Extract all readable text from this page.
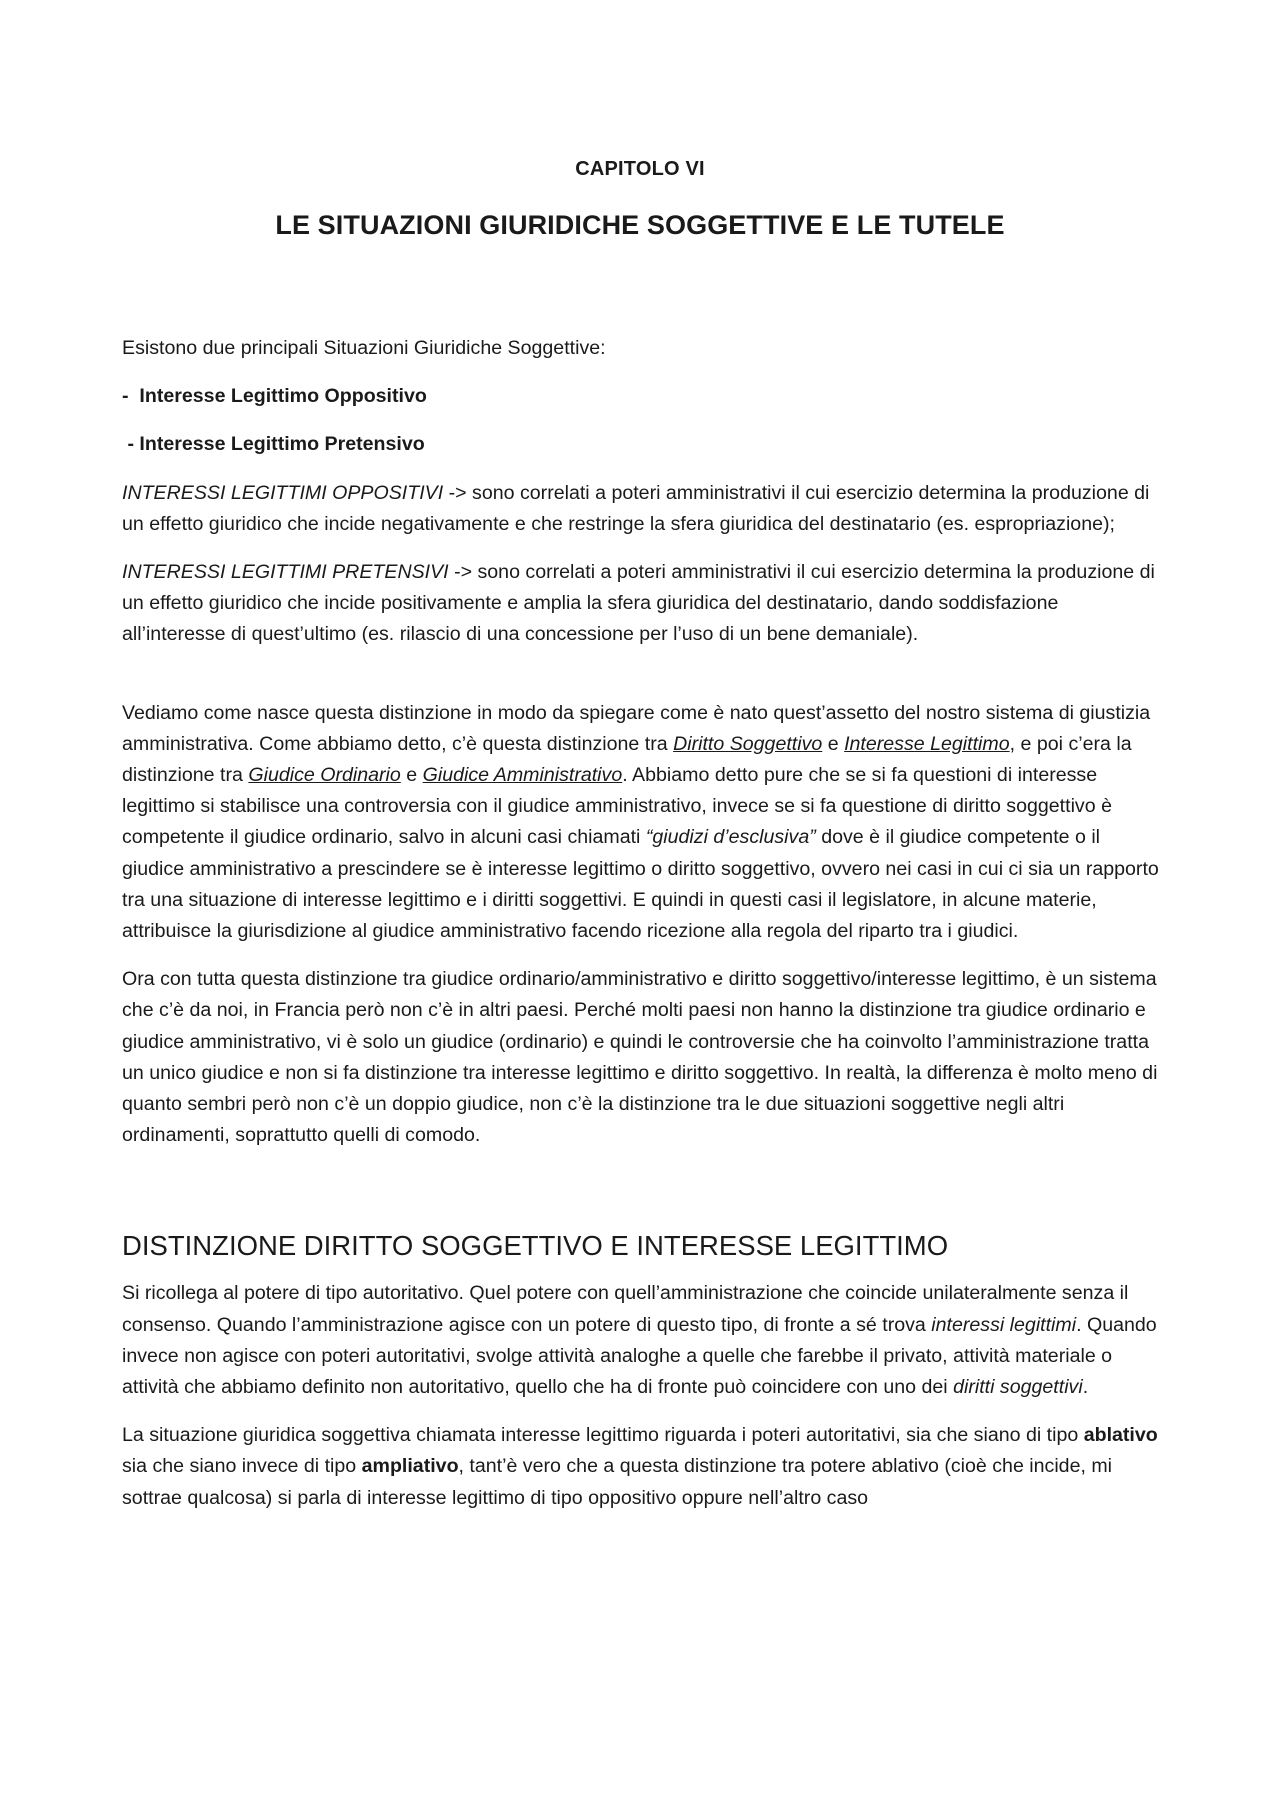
CAPITOLO VI
LE SITUAZIONI GIURIDICHE SOGGETTIVE E LE TUTELE

Esistono due principali Situazioni Giuridiche Soggettive:

-  Interesse Legittimo Oppositivo
- Interesse Legittimo Pretensivo

INTERESSI LEGITTIMI OPPOSITIVI -> sono correlati a poteri amministrativi il cui esercizio determina la produzione di un effetto giuridico che incide negativamente e che restringe la sfera giuridica del destinatario (es. espropriazione);

INTERESSI LEGITTIMI PRETENSIVI -> sono correlati a poteri amministrativi il cui esercizio determina la produzione di un effetto giuridico che incide positivamente e amplia la sfera giuridica del destinatario, dando soddisfazione all’interesse di quest’ultimo (es. rilascio di una concessione per l’uso di un bene demaniale).

Vediamo come nasce questa distinzione in modo da spiegare come è nato quest’assetto del nostro sistema di giustizia amministrativa. Come abbiamo detto, c’è questa distinzione tra Diritto Soggettivo e Interesse Legittimo, e poi c’era la distinzione tra Giudice Ordinario e Giudice Amministrativo. Abbiamo detto pure che se si fa questioni di interesse legittimo si stabilisce una controversia con il giudice amministrativo, invece se si fa questione di diritto soggettivo è competente il giudice ordinario, salvo in alcuni casi chiamati “giudizi d’esclusiva” dove è il giudice competente o il giudice amministrativo a prescindere se è interesse legittimo o diritto soggettivo, ovvero nei casi in cui ci sia un rapporto tra una situazione di interesse legittimo e i diritti soggettivi. E quindi in questi casi il legislatore, in alcune materie, attribuisce la giurisdizione al giudice amministrativo facendo ricezione alla regola del riparto tra i giudici.

Ora con tutta questa distinzione tra giudice ordinario/amministrativo e diritto soggettivo/interesse legittimo, è un sistema che c’è da noi, in Francia però non c’è in altri paesi. Perché molti paesi non hanno la distinzione tra giudice ordinario e giudice amministrativo, vi è solo un giudice (ordinario) e quindi le controversie che ha coinvolto l’amministrazione tratta un unico giudice e non si fa distinzione tra interesse legittimo e diritto soggettivo. In realtà, la differenza è molto meno di quanto sembri però non c’è un doppio giudice, non c’è la distinzione tra le due situazioni soggettive negli altri ordinamenti, soprattutto quelli di comodo.

DISTINZIONE DIRITTO SOGGETTIVO E INTERESSE LEGITTIMO

Si ricollega al potere di tipo autoritativo. Quel potere con quell’amministrazione che coincide unilateralmente senza il consenso. Quando l’amministrazione agisce con un potere di questo tipo, di fronte a sé trova interessi legittimi. Quando invece non agisce con poteri autoritativi, svolge attività analoghe a quelle che farebbe il privato, attività materiale o attività che abbiamo definito non autoritativo, quello che ha di fronte può coincidere con uno dei diritti soggettivi.

La situazione giuridica soggettiva chiamata interesse legittimo riguarda i poteri autoritativi, sia che siano di tipo ablativo sia che siano invece di tipo ampliativo, tant’è vero che a questa distinzione tra potere ablativo (cioè che incide, mi sottrae qualcosa) si parla di interesse legittimo di tipo oppositivo oppure nell’altro caso
